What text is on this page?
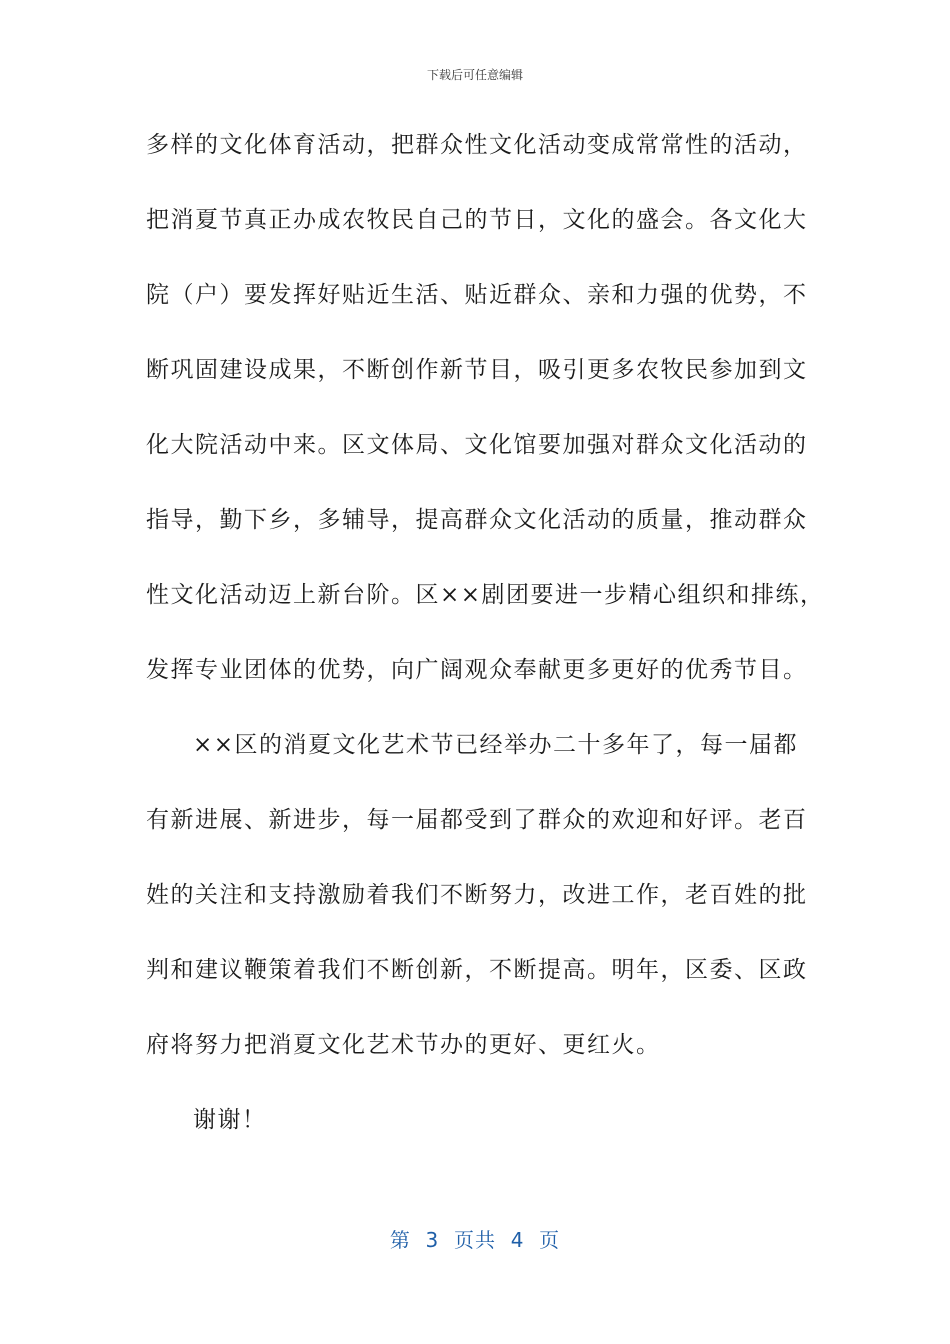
下载后可任意编辑
多样的文化体育活动，把群众性文化活动变成常常性的活动，
把消夏节真正办成农牧民自己的节日，文化的盛会。各文化大
院（户）要发挥好贴近生活、贴近群众、亲和力强的优势，不
断巩固建设成果，不断创作新节目，吸引更多农牧民参加到文
化大院活动中来。区文体局、文化馆要加强对群众文化活动的
指导，勤下乡，多辅导，提高群众文化活动的质量，推动群众
性文化活动迈上新台阶。区××剧团要进一步精心组织和排练，
发挥专业团体的优势，向广阔观众奉献更多更好的优秀节目。
××区的消夏文化艺术节已经举办二十多年了，每一届都
有新进展、新进步，每一届都受到了群众的欢迎和好评。老百
姓的关注和支持激励着我们不断努力，改进工作，老百姓的批
判和建议鞭策着我们不断创新，不断提高。明年，区委、区政
府将努力把消夏文化艺术节办的更好、更红火。
谢谢！
第  3  页共  4  页
